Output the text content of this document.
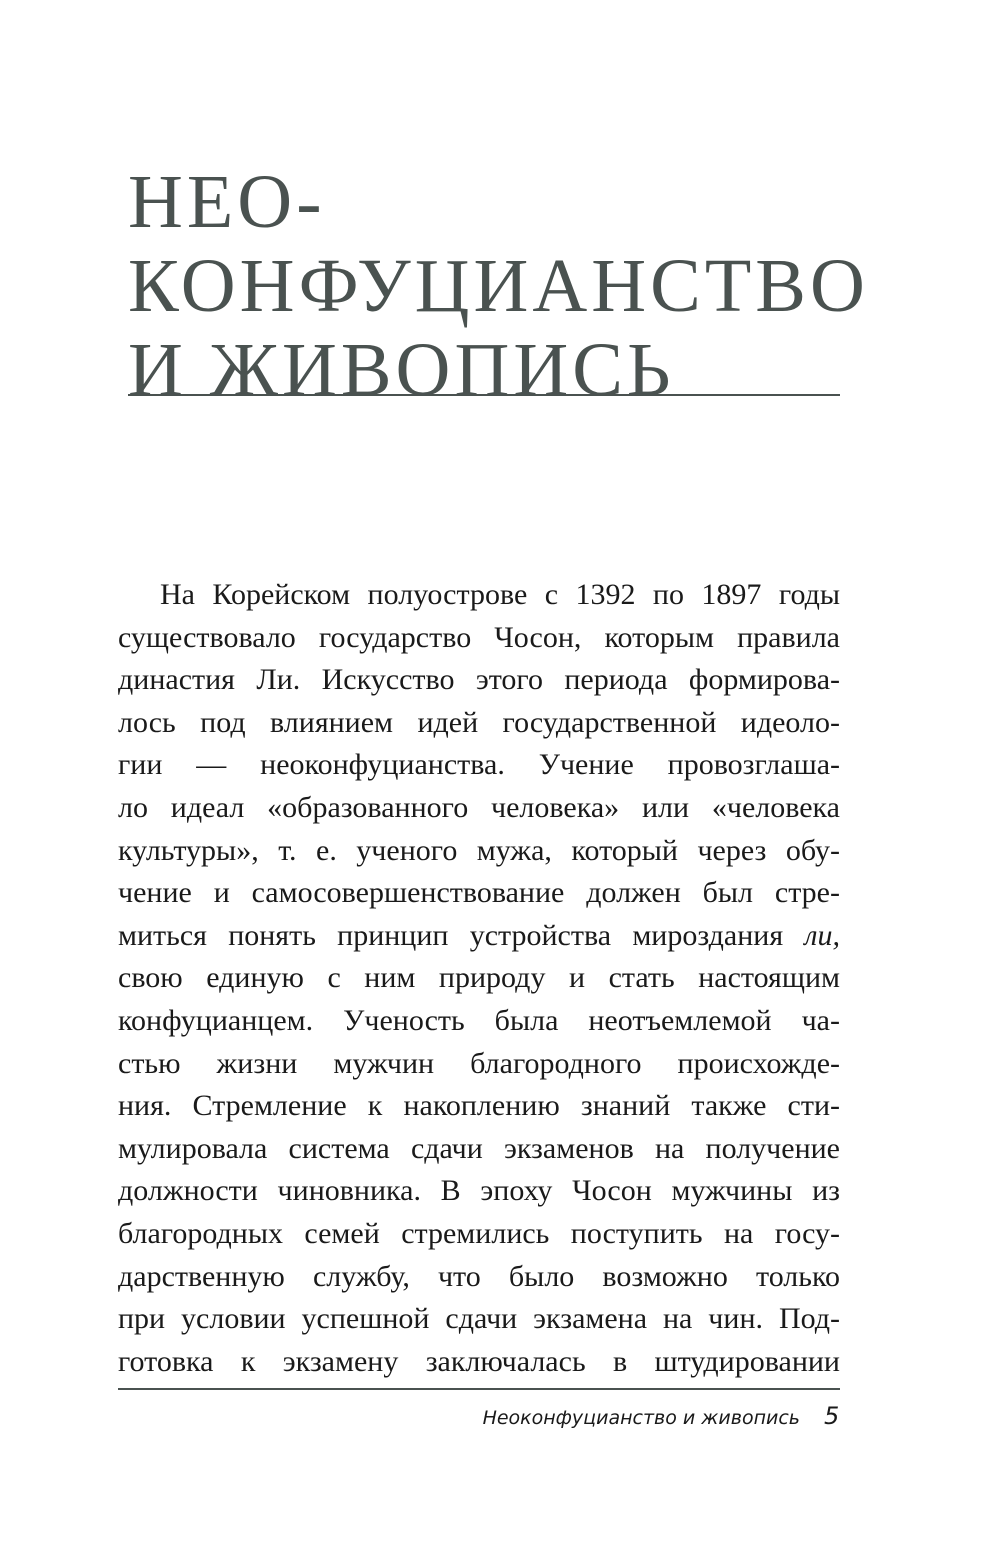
НЕО-
КОНФУЦИАНСТВО
И ЖИВОПИСЬ
На Корейском полуострове с 1392 по 1897 годы
существовало государство Чосон, которым правила
династия Ли. Искусство этого периода формирова-
лось под влиянием идей государственной идеоло-
гии — неоконфуцианства. Учение провозглаша-
ло идеал «образованного человека» или «человека
культуры», т. е. ученого мужа, который через обу-
чение и самосовершенствование должен был стре-
миться понять принцип устройства мироздания ли,
свою единую с ним природу и стать настоящим
конфуцианцем. Ученость была неотъемлемой ча-
стью жизни мужчин благородного происхожде-
ния. Стремление к накоплению знаний также сти-
мулировала система сдачи экзаменов на получение
должности чиновника. В эпоху Чосон мужчины из
благородных семей стремились поступить на госу-
дарственную службу, что было возможно только
при условии успешной сдачи экзамена на чин. Под-
готовка к экзамену заключалась в штудировании
Неоконфуцианство и живопись 5
